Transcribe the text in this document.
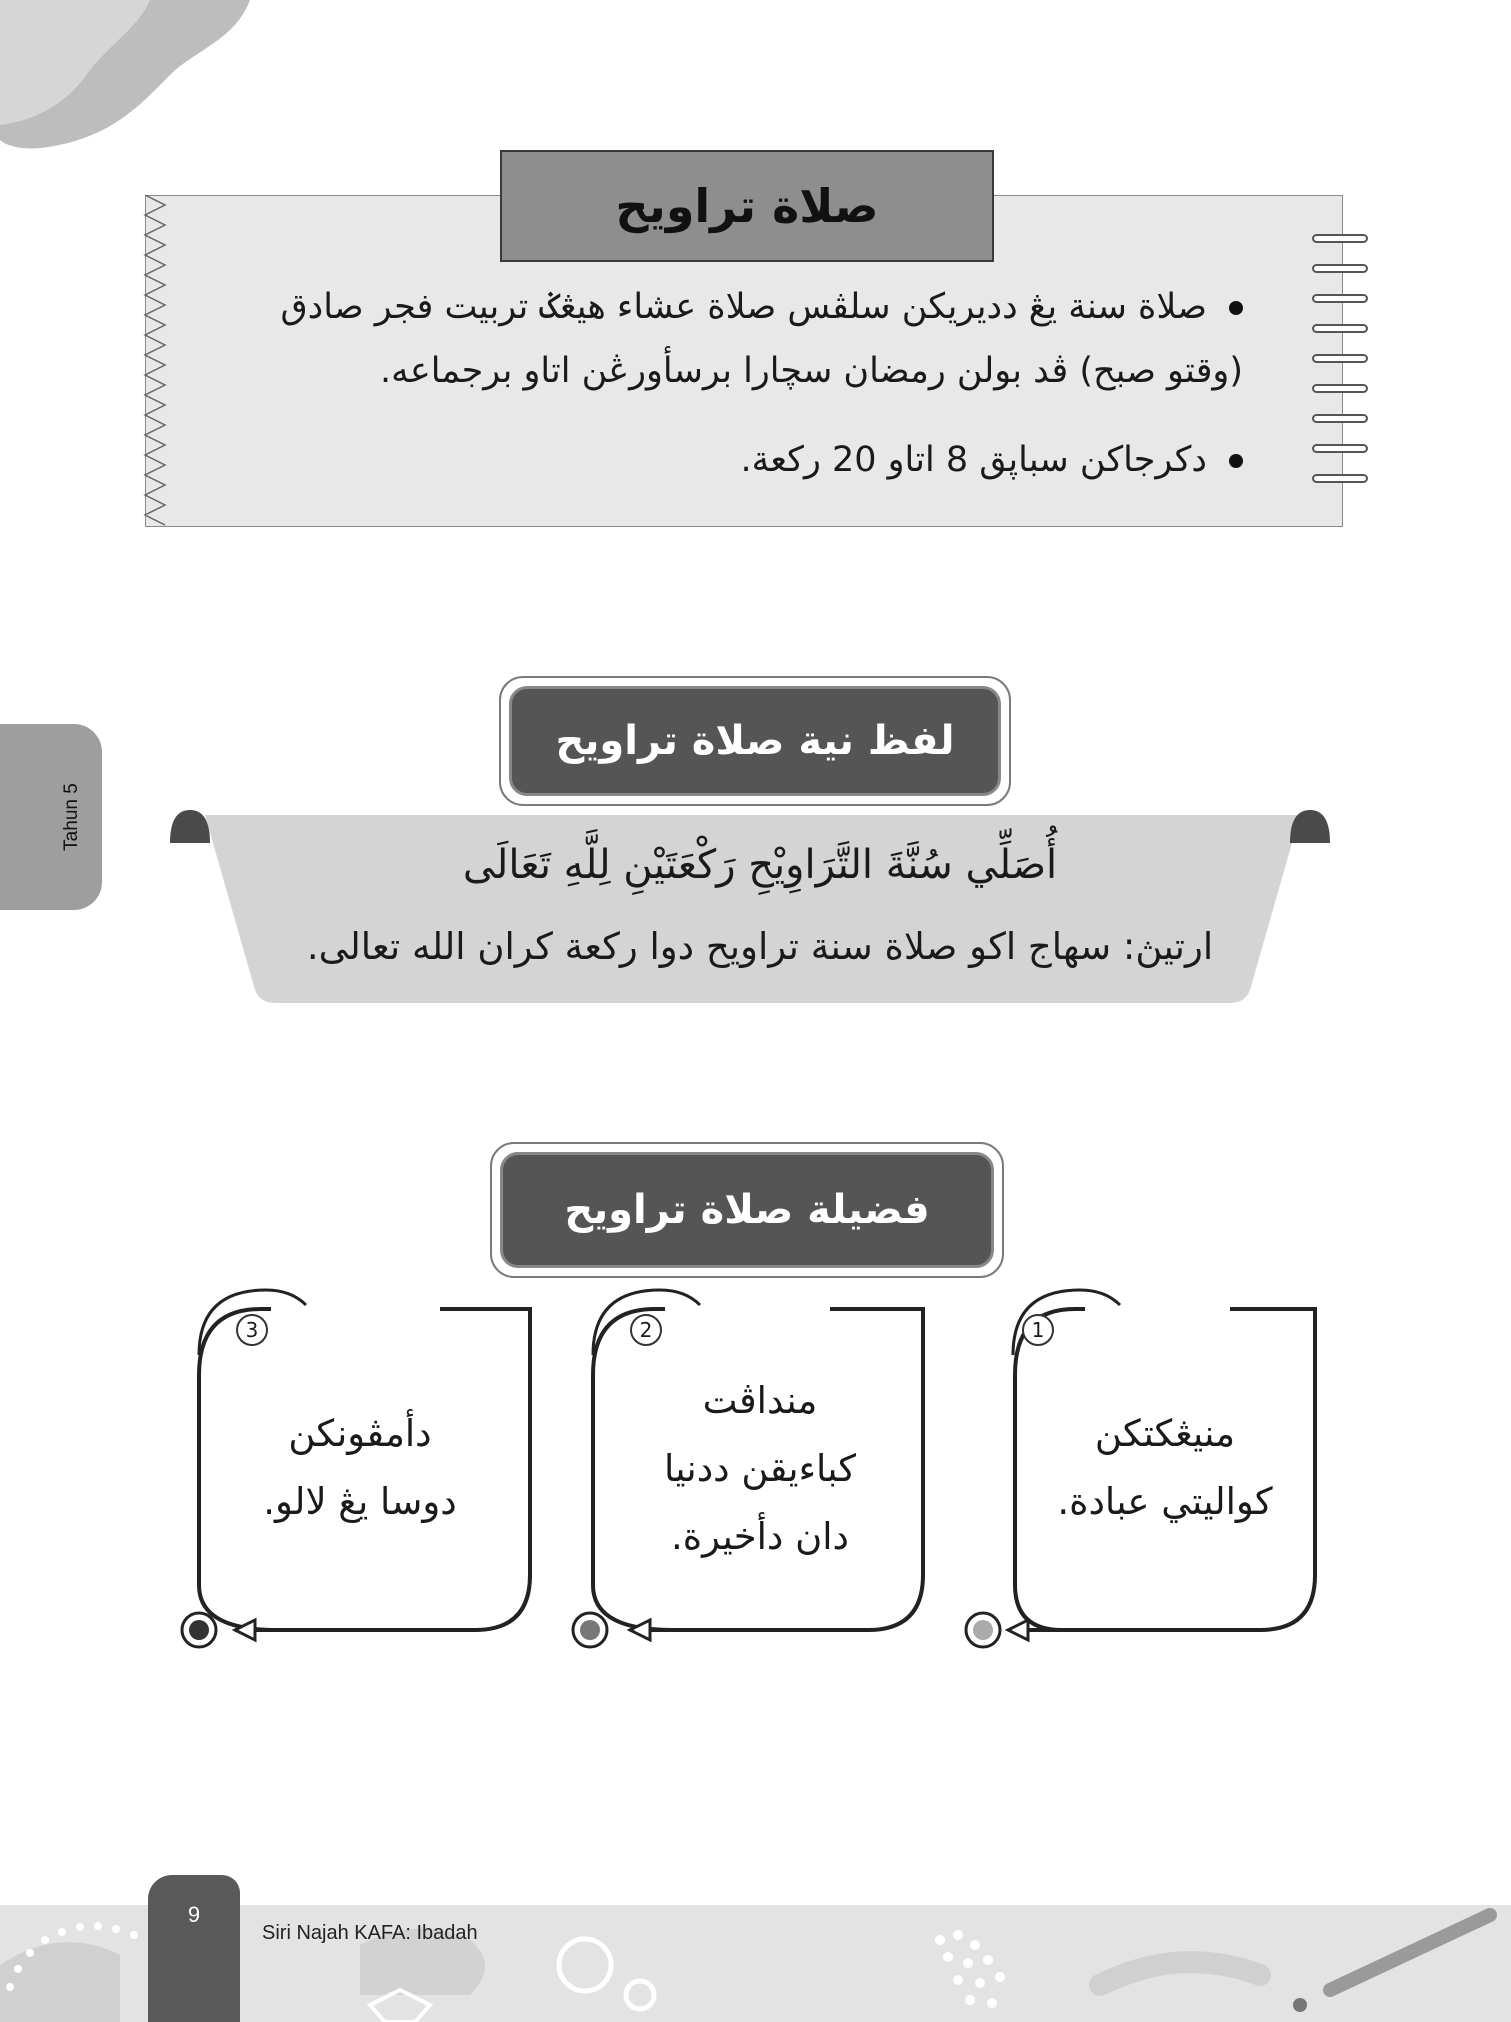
Tahun 5
صلاة تراويح
صلاة سنة يڠ ددیریکن سلڤس صلاة عشاء هيڠݢ تربيت فجر صادق
(وقتو صبح) ڤد بولن رمضان سچارا برسأورڠن اتاو برجماعه.
دکرجاکن سباڽق 8 اتاو 20 رکعة.
لفظ نية صلاة تراويح
أُصَلِّي سُنَّةَ التَّرَاوِيْحِ رَكْعَتَيْنِ لِلَّهِ تَعَالَى
ارتيڽ: سهاج اکو صلاة سنة تراويح دوا رکعة کران الله تعالى.
فضيلة صلاة تراويح
1
منيڠکتکن
کواليتي عبادة.
2
منداڤت
کباءيقن ددنيا
دان دأخيرة.
3
دأمڤونکن
دوسا يڠ لالو.
9
Siri Najah KAFA: Ibadah
